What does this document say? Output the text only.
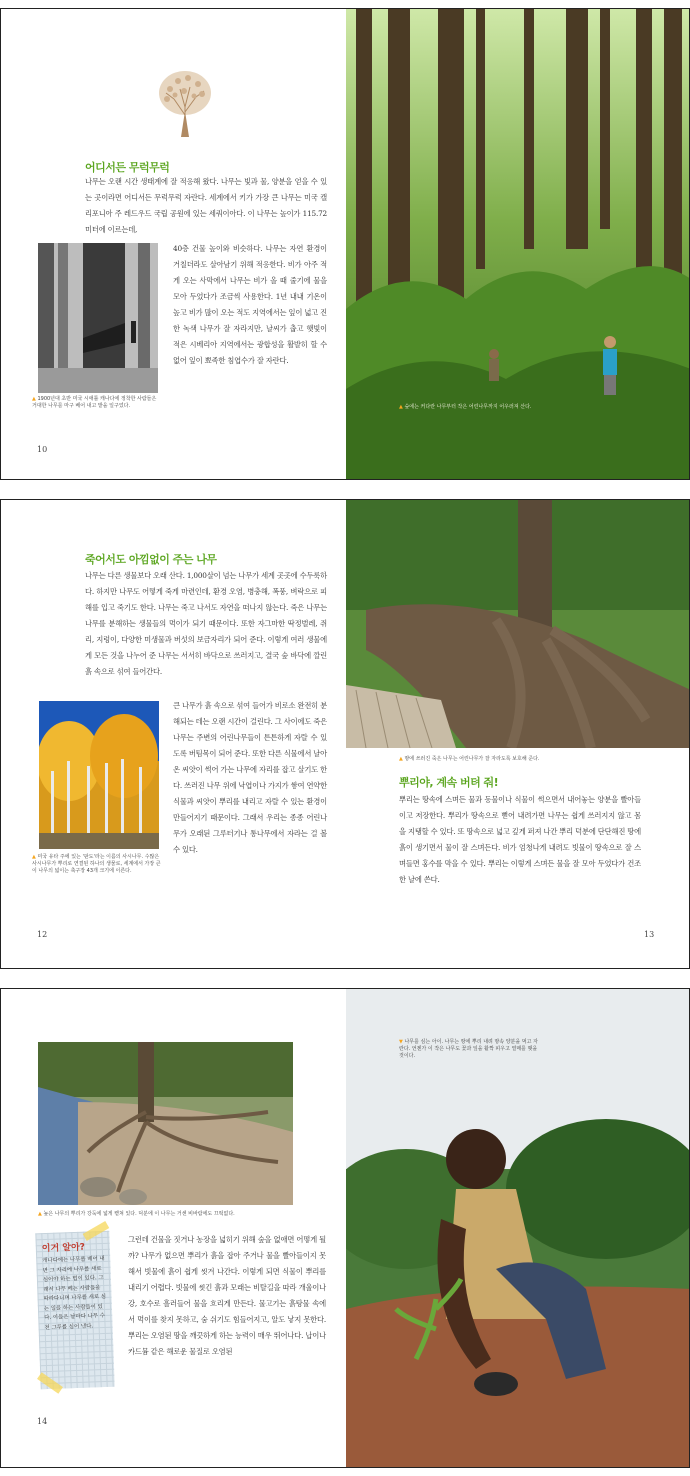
어디서든 무럭무럭
나무는 오랜 시간 생태계에 잘 적응해 왔다. 나무는 빛과 물, 양분을 얻을 수 있는 곳이라면 어디서든 무럭무럭 자란다. 세계에서 키가 가장 큰 나무는 미국 캘리포니아 주 레드우드 국립 공원에 있는 세쿼이아다. 이 나무는 높이가 115.72미터에 이르는데,
▲ 1900년대 초반 미국 시애틀 캐나다에 정착한 사람들은 거대한 나무를 마구 베어 내고 밭을 일구었다.
40층 건물 높이와 비슷하다. 나무는 자연 환경이 거칠더라도 살아남기 위해 적응한다. 비가 아주 적게 오는 사막에서 나무는 비가 올 때 줄기에 물을 모아 두었다가 조금씩 사용한다. 1년 내내 기온이 높고 비가 많이 오는 적도 지역에서는 잎이 넓고 진한 녹색 나무가 잘 자라지만, 날씨가 춥고 햇빛이 적은 시베리아 지역에서는 광합성을 활발히 할 수 없어 잎이 뾰족한 침엽수가 잘 자란다.
10
▲ 숲에는 커다란 나무부터 작은 어린나무까지 어우러져 산다.
죽어서도 아낌없이 주는 나무
나무는 다른 생물보다 오래 산다. 1,000살이 넘는 나무가 세계 곳곳에 수두룩하다. 하지만 나무도 어떻게 죽게 마련인데, 환경 오염, 병충해, 폭풍, 벼락으로 피해를 입고 죽기도 한다. 나무는 죽고 나서도 자연을 떠나지 않는다. 죽은 나무는 나무를 분해하는 생물들의 먹이가 되기 때문이다. 또한 자그마한 딱정벌레, 쥐리, 지렁이, 다양한 미생물과 버섯의 보금자리가 되어 준다. 이렇게 여러 생물에게 모든 것을 나누어 준 나무는 서서히 바닥으로 쓰러지고, 결국 숲 바닥에 깔린 흙 속으로 섞여 들어간다.
▲ 미국 유타 주에 있는 '판도'라는 이름의 사시나무. 수많은 사시나무가 뿌리로 연결된 하나의 생물로, 세계에서 가장 큰 이 나무의 넓이는 축구장 43개 크기에 이른다.
큰 나무가 흙 속으로 섞여 들어가 비로소 완전히 분해되는 데는 오랜 시간이 걸린다. 그 사이에도 죽은 나무는 주변의 어린나무들이 튼튼하게 자랄 수 있도록 버팀목이 되어 준다. 또한 다른 식물에서 날아온 씨앗이 썩어 가는 나무에 자리를 잡고 살기도 한다. 쓰러진 나무 위에 낙엽이나 가지가 쌓여 연약한 식물과 씨앗이 뿌리를 내리고 자랄 수 있는 환경이 만들어지기 때문이다. 그래서 우리는 종종 어린나무가 오래된 그루터기나 통나무에서 자라는 걸 볼 수 있다.
12
▲ 땅에 쓰러진 죽은 나무는 어린나무가 잘 자라도록 보호해 준다.
뿌리야, 계속 버텨 줘!
뿌리는 땅속에 스며든 물과 동물이나 식물이 썩으면서 내어놓는 양분을 빨아들이고 저장한다. 뿌리가 땅속으로 뻗어 내려가면 나무는 쉽게 쓰러지지 않고 몸을 지탱할 수 있다. 또 땅속으로 넓고 깊게 퍼져 나간 뿌리 덕분에 단단해진 땅에 흙이 생기면서 물이 잘 스며든다. 비가 엄청나게 내려도 빗물이 땅속으로 잘 스며들면 홍수를 막을 수 있다. 뿌리는 이렇게 스며든 물을 잘 모아 두었다가 건조한 날에 쓴다.
13
▲ 높은 나무의 뿌리가 강둑에 넓게 뻗쳐 있다. 덕분에 이 나무는 거센 비바람에도 끄떡없다.
이거 알아?
캐나다에는 나무를 베어 내면 그 자리에 나무를 새로 심어야 하는 법이 있다. 그래서 나무 베는 사람들을 따라다니며 나무를 새로 심는 일을 하는 사람들이 있다. 이들은 날마다 나무 수천 그루를 심어 낸다.
그런데 건물을 짓거나 농장을 넓히기 위해 숲을 없애면 어떻게 될까? 나무가 없으면 뿌리가 흙을 잡아 주거나 물을 빨아들이지 못해서 빗물에 흙이 쉽게 씻겨 나간다. 이렇게 되면 식물이 뿌리를 내리기 어렵다. 빗물에 씻긴 흙과 모래는 비탈길을 따라 개울이나 강, 호수로 흘러들어 물을 흐리게 만든다. 물고기는 흙탕물 속에서 먹이를 찾지 못하고, 숨 쉬기도 힘들어지고, 알도 낳지 못한다. 뿌리는 오염된 땅을 깨끗하게 하는 능력이 매우 뛰어나다. 납이나 카드뮴 같은 해로운 물질로 오염된
14
▼ 나무를 심는 아이. 나무는 땅에 뿌리 내려 땅속 양분을 먹고 자란다. 언젠가 이 작은 나무도 꽃과 잎을 활짝 피우고 열매를 맺을 것이다.
